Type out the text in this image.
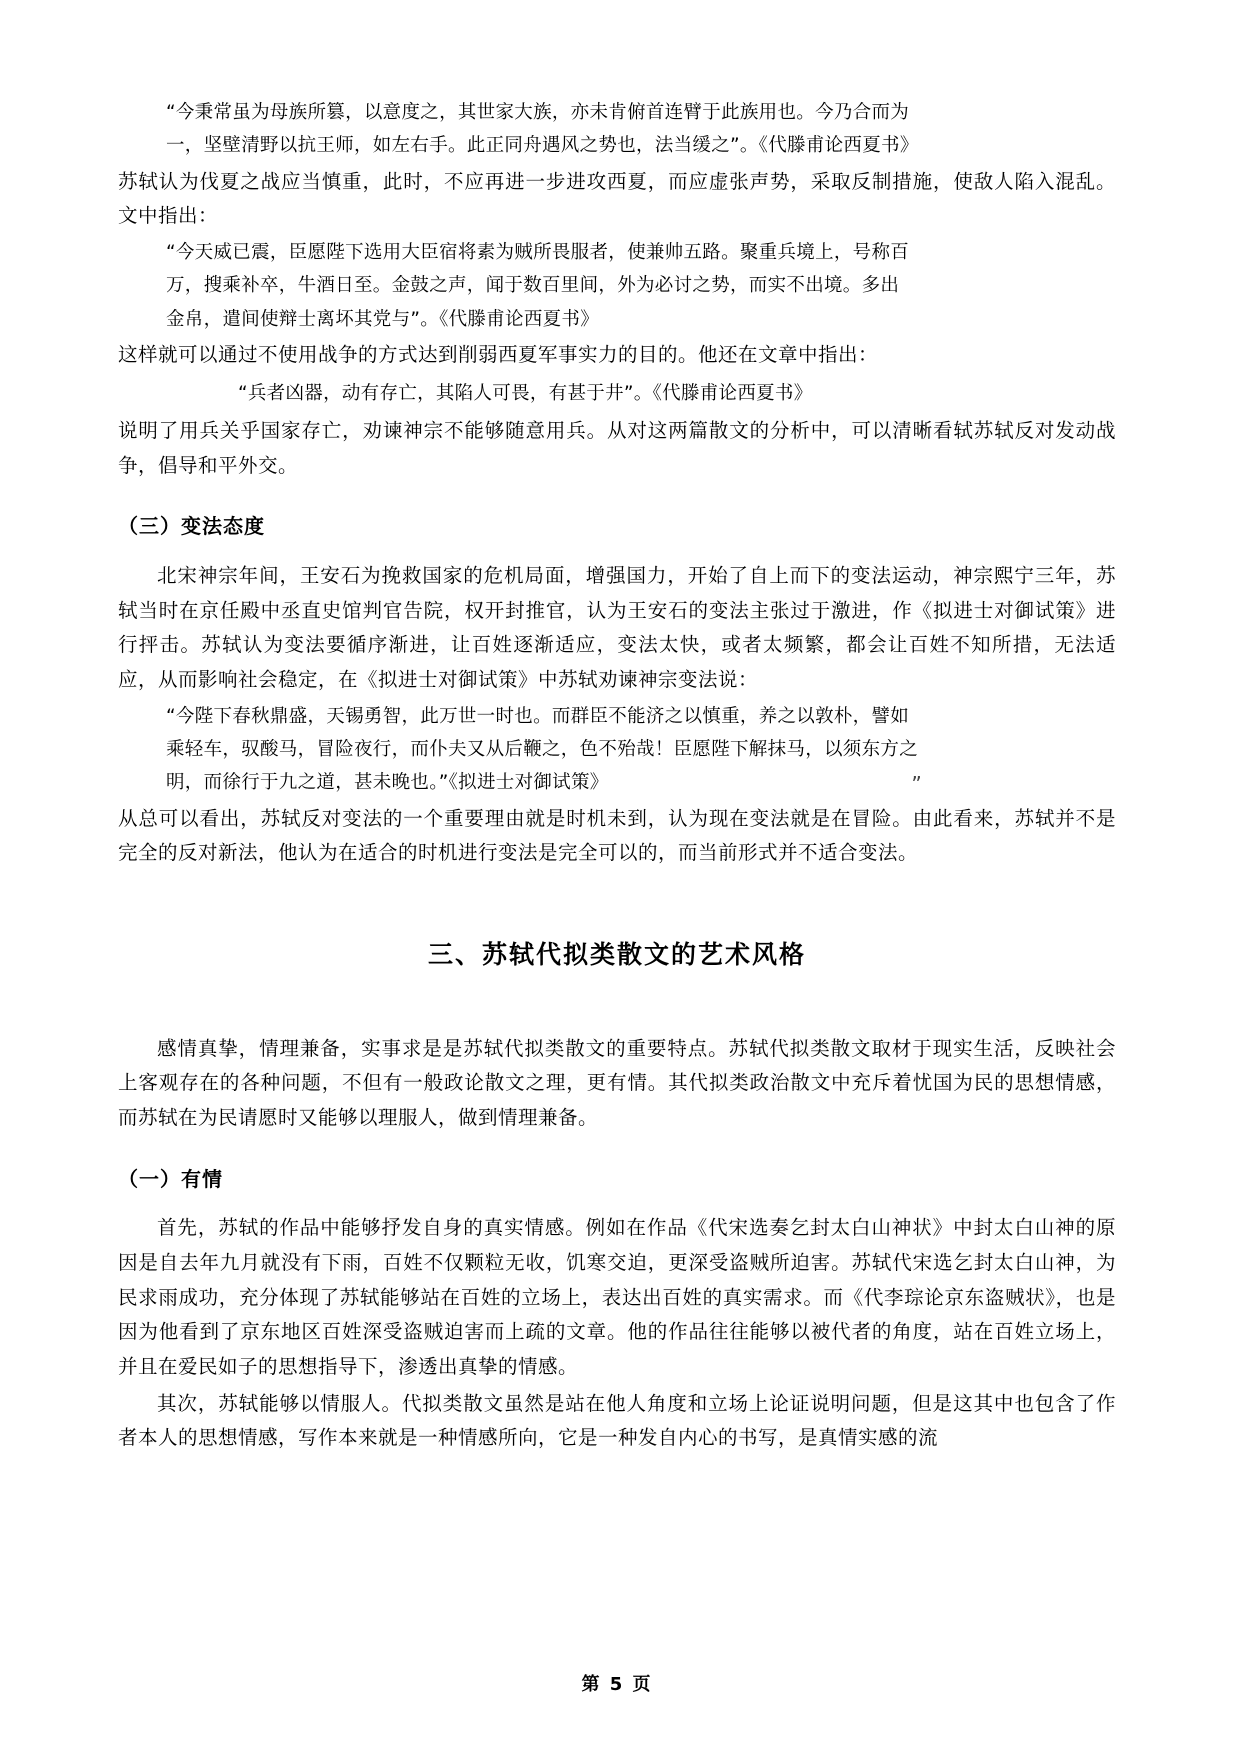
“今秉常虽为母族所篡，以意度之，其世家大族，亦未肯俯首连臂于此族用也。今乃合而为
一，坚壁清野以抗王师，如左右手。此正同舟遇风之势也，法当缓之”。《代滕甫论西夏书》

苏轼认为伐夏之战应当慎重，此时，不应再进一步进攻西夏，而应虚张声势，采取反制措施，使敌人陷入混乱。文中指出：

“今天威已震，臣愿陛下选用大臣宿将素为贼所畏服者，使兼帅五路。聚重兵境上，号称百
万，搜乘补卒，牛酒日至。金鼓之声，闻于数百里间，外为必讨之势，而实不出境。多出
金帛，遣间使辩士离坏其党与”。《代滕甫论西夏书》

这样就可以通过不使用战争的方式达到削弱西夏军事实力的目的。他还在文章中指出：

“兵者凶器，动有存亡，其陷人可畏，有甚于井”。《代滕甫论西夏书》

说明了用兵关乎国家存亡，劝谏神宗不能够随意用兵。从对这两篇散文的分析中，可以清晰看轼苏轼反对发动战争，倡导和平外交。

（三）变法态度

北宋神宗年间，王安石为挽救国家的危机局面，增强国力，开始了自上而下的变法运动，神宗熙宁三年，苏轼当时在京任殿中丞直史馆判官告院，权开封推官，认为王安石的变法主张过于激进，作《拟进士对御试策》进行抨击。苏轼认为变法要循序渐进，让百姓逐渐适应，变法太快，或者太频繁，都会让百姓不知所措，无法适应，从而影响社会稳定，在《拟进士对御试策》中苏轼劝谏神宗变法说：

“今陛下春秋鼎盛，天锡勇智，此万世一时也。而群臣不能济之以慎重，养之以敦朴，譬如
乘轻车，驭酸马，冒险夜行，而仆夫又从后鞭之，色不殆哉！臣愿陛下解抹马，以须东方之
明，而徐行于九之道，甚未晚也。”《拟进士对御试策》	”

从总可以看出，苏轼反对变法的一个重要理由就是时机未到，认为现在变法就是在冒险。由此看来，苏轼并不是完全的反对新法，他认为在适合的时机进行变法是完全可以的，而当前形式并不适合变法。

三、苏轼代拟类散文的艺术风格

感情真挚，情理兼备，实事求是是苏轼代拟类散文的重要特点。苏轼代拟类散文取材于现实生活，反映社会上客观存在的各种问题，不但有一般政论散文之理，更有情。其代拟类政治散文中充斥着忧国为民的思想情感，而苏轼在为民请愿时又能够以理服人，做到情理兼备。

（一）有情

首先，苏轼的作品中能够抒发自身的真实情感。例如在作品《代宋选奏乞封太白山神状》中封太白山神的原因是自去年九月就没有下雨，百姓不仅颗粒无收，饥寒交迫，更深受盗贼所迫害。苏轼代宋选乞封太白山神，为民求雨成功，充分体现了苏轼能够站在百姓的立场上，表达出百姓的真实需求。而《代李琮论京东盗贼状》，也是因为他看到了京东地区百姓深受盗贼迫害而上疏的文章。他的作品往往能够以被代者的角度，站在百姓立场上，并且在爱民如子的思想指导下，渗透出真挚的情感。

其次，苏轼能够以情服人。代拟类散文虽然是站在他人角度和立场上论证说明问题，但是这其中也包含了作者本人的思想情感，写作本来就是一种情感所向，它是一种发自内心的书写，是真情实感的流

第 5 页
